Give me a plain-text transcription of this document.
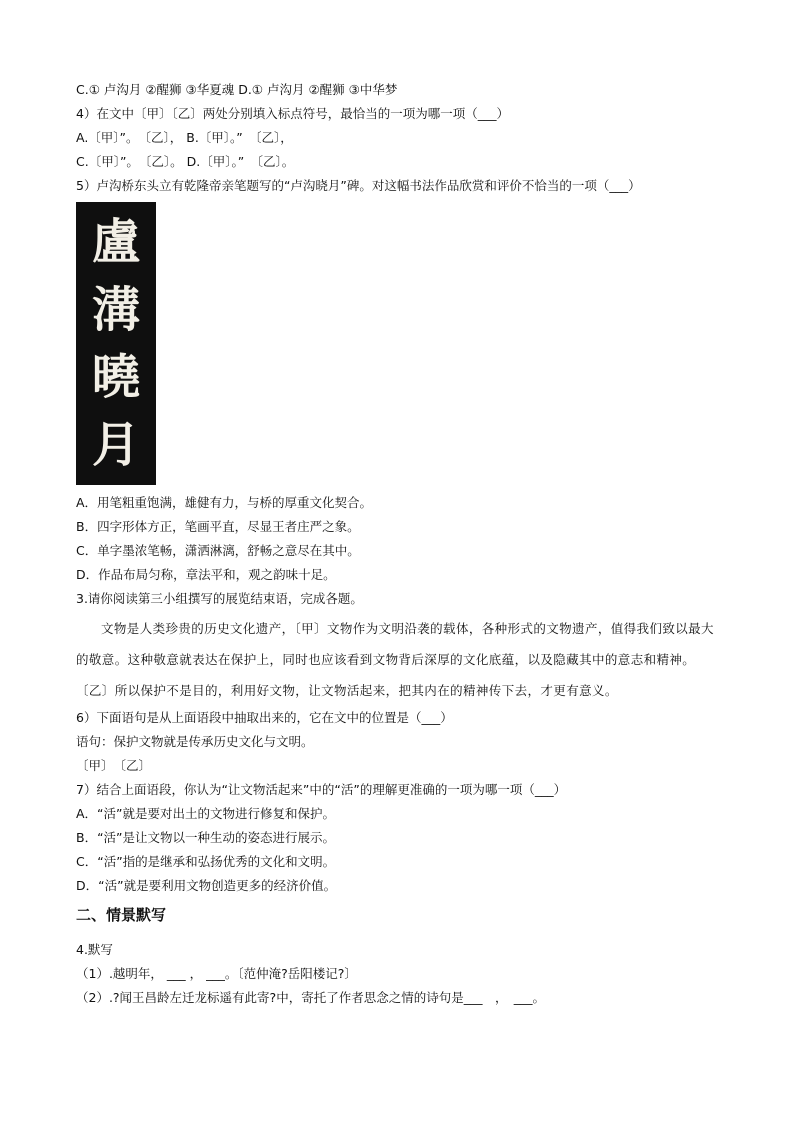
C.① 卢沟月 ②醒狮 ③华夏魂 D.① 卢沟月 ②醒狮 ③中华梦
4）在文中〔甲〕〔乙〕两处分别填入标点符号，最恰当的一项为哪一项（___）
A.〔甲〕”。　〔乙〕， B.〔甲〕。”　〔乙〕，
C.〔甲〕”。　〔乙〕。 D.〔甲〕。”　〔乙〕。
5）卢沟桥东头立有乾隆帝亲笔题写的“卢沟晓月”碑。对这幅书法作品欣赏和评价不恰当的一项（___）
盧
溝
曉
月
A．用笔粗重饱满，雄健有力，与桥的厚重文化契合。
B．四字形体方正，笔画平直，尽显王者庄严之象。
C．单字墨浓笔畅，潇洒淋漓，舒畅之意尽在其中。
D．作品布局匀称，章法平和，观之韵味十足。
3.请你阅读第三小组撰写的展览结束语，完成各题。
文物是人类珍贵的历史文化遗产，〔甲〕文物作为文明沿袭的载体，各种形式的文物遗产，值得我们致以最大的敬意。这种敬意就表达在保护上，同时也应该看到文物背后深厚的文化底蕴，以及隐藏其中的意志和精神。〔乙〕所以保护不是目的，利用好文物，让文物活起来，把其内在的精神传下去，才更有意义。
6）下面语句是从上面语段中抽取出来的，它在文中的位置是（___）
语句：保护文物就是传承历史文化与文明。
〔甲〕　〔乙〕
7）结合上面语段，你认为“让文物活起来”中的“活”的理解更准确的一项为哪一项（___）
A．“活”就是要对出土的文物进行修复和保护。
B．“活”是让文物以一种生动的姿态进行展示。
C．“活”指的是继承和弘扬优秀的文化和文明。
D．“活”就是要利用文物创造更多的经济价值。
二、情景默写
4.默写
（1）.越明年， ___ ， ___。〔范仲淹?岳阳楼记?〕
（2）.?闻王昌龄左迁龙标遥有此寄?中，寄托了作者思念之情的诗句是___　，　___。
